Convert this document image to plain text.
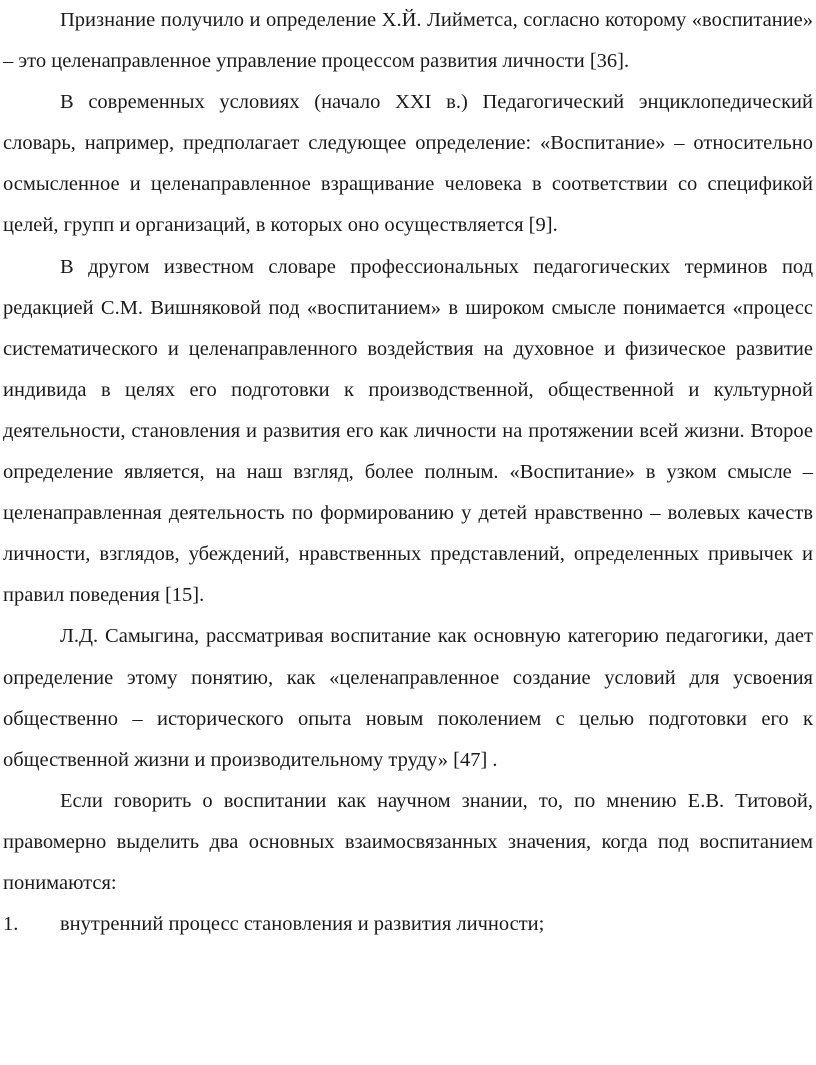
Признание получило и определение Х.Й. Лийметса, согласно которому «воспитание» – это целенаправленное управление процессом развития личности [36].

В современных условиях (начало XXI в.) Педагогический энциклопедический словарь, например, предполагает следующее определение: «Воспитание» – относительно осмысленное и целенаправленное взращивание человека в соответствии со спецификой целей, групп и организаций, в которых оно осуществляется [9].

В другом известном словаре профессиональных педагогических терминов под редакцией С.М. Вишняковой под «воспитанием» в широком смысле понимается «процесс систематического и целенаправленного воздействия на духовное и физическое развитие индивида в целях его подготовки к производственной, общественной и культурной деятельности, становления и развития его как личности на протяжении всей жизни. Второе определение является, на наш взгляд, более полным. «Воспитание» в узком смысле – целенаправленная деятельность по формированию у детей нравственно – волевых качеств личности, взглядов, убеждений, нравственных представлений, определенных привычек и правил поведения [15].

Л.Д. Самыгина, рассматривая воспитание как основную категорию педагогики, дает определение этому понятию, как «целенаправленное создание условий для усвоения общественно – исторического опыта новым поколением с целью подготовки его к общественной жизни и производительному труду» [47] .

Если говорить о воспитании как научном знании, то, по мнению Е.В. Титовой, правомерно выделить два основных взаимосвязанных значения, когда под воспитанием понимаются:

1.	внутренний процесс становления и развития личности;
